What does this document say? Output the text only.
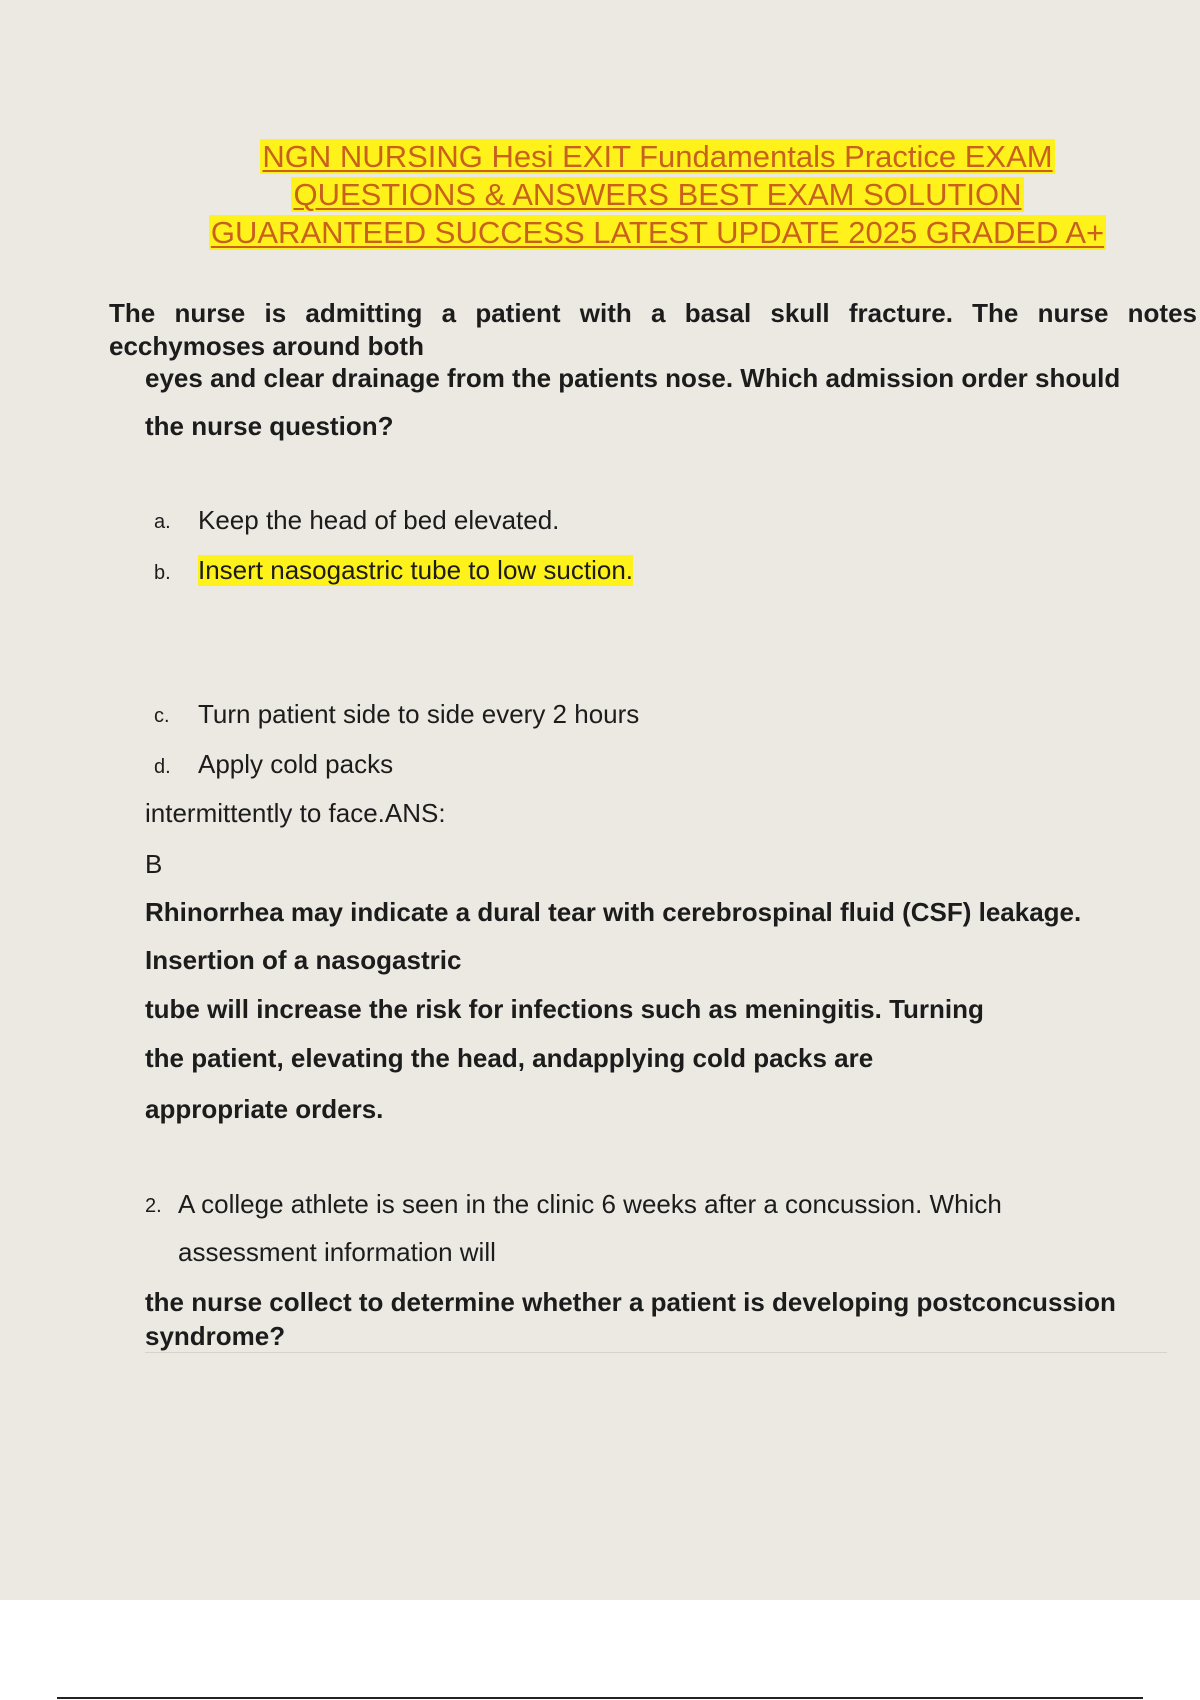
NGN NURSING Hesi EXIT Fundamentals Practice EXAM
QUESTIONS & ANSWERS BEST EXAM SOLUTION
GUARANTEED SUCCESS LATEST UPDATE 2025 GRADED A+
The nurse is admitting a patient with a basal skull fracture. The nurse notes
ecchymoses around both
eyes and clear drainage from the patients nose. Which admission order should
the nurse question?
a. Keep the head of bed elevated.
b. Insert nasogastric tube to low suction.
c. Turn patient side to side every 2 hours
d. Apply cold packs
intermittently to face.ANS:
B
Rhinorrhea may indicate a dural tear with cerebrospinal fluid (CSF) leakage.
Insertion of a nasogastric
tube will increase the risk for infections such as meningitis. Turning
the patient, elevating the head, andapplying cold packs are
appropriate orders.
2. A college athlete is seen in the clinic 6 weeks after a concussion. Which
assessment information will
the nurse collect to determine whether a patient is developing postconcussion
syndrome?
